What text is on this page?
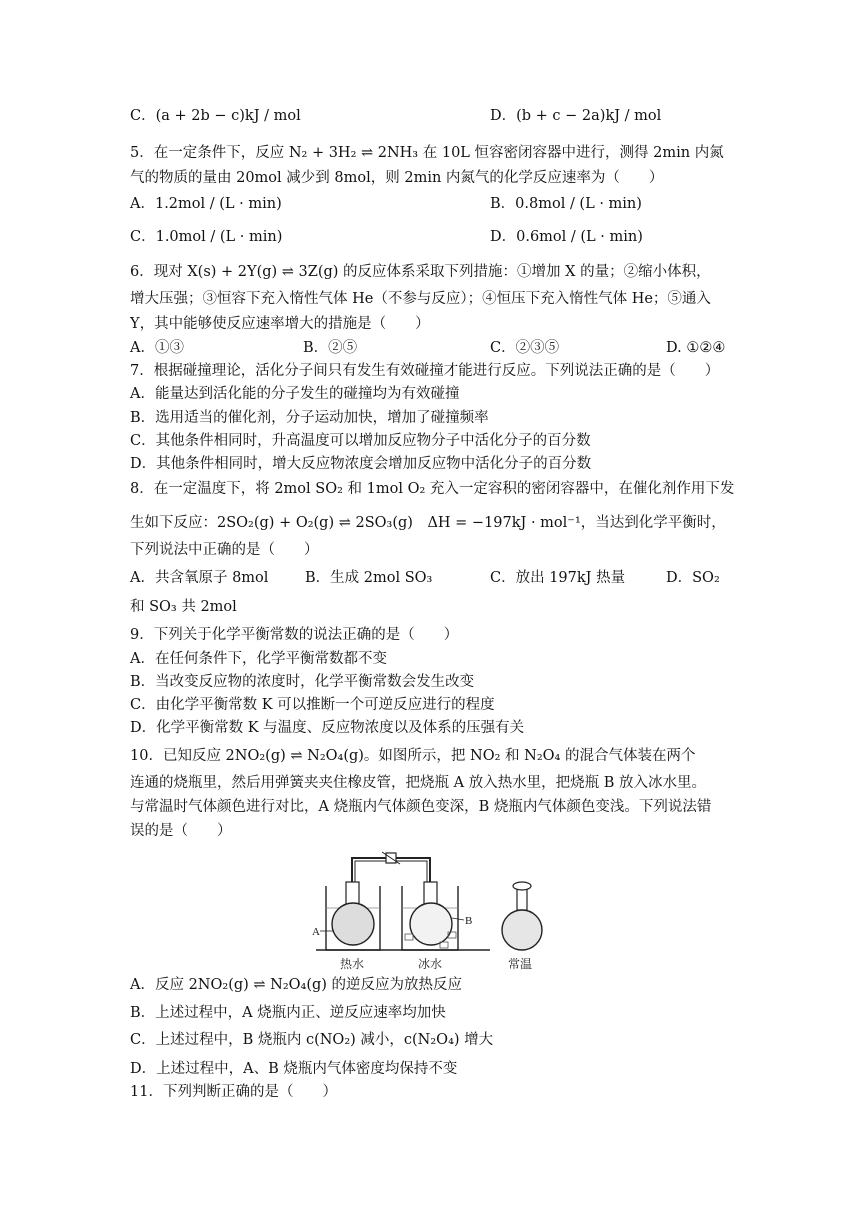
C．(a + 2b − c)kJ / mol	D．(b + c − 2a)kJ / mol
5．在一定条件下，反应 N₂ + 3H₂ ⇌ 2NH₃ 在 10L 恒容密闭容器中进行，测得 2min 内氮
气的物质的量由 20mol 减少到 8mol，则 2min 内氮气的化学反应速率为（　　）
A．1.2mol / (L · min)	B．0.8mol / (L · min)
C．1.0mol / (L · min)	D．0.6mol / (L · min)
6．现对 X(s) + 2Y(g) ⇌ 3Z(g) 的反应体系采取下列措施：①增加 X 的量；②缩小体积，
增大压强；③恒容下充入惰性气体 He（不参与反应）；④恒压下充入惰性气体 He；⑤通入
Y，其中能够使反应速率增大的措施是（　　）
A．①③	B．②⑤	C．②③⑤	D. ①②④
7．根据碰撞理论，活化分子间只有发生有效碰撞才能进行反应。下列说法正确的是（　　）
A．能量达到活化能的分子发生的碰撞均为有效碰撞
B．选用适当的催化剂，分子运动加快，增加了碰撞频率
C．其他条件相同时，升高温度可以增加反应物分子中活化分子的百分数
D．其他条件相同时，增大反应物浓度会增加反应物中活化分子的百分数
8．在一定温度下，将 2mol SO₂ 和 1mol O₂ 充入一定容积的密闭容器中，在催化剂作用下发
生如下反应：2SO₂(g) + O₂(g) ⇌ 2SO₃(g)　ΔH = −197kJ · mol⁻¹，当达到化学平衡时，
下列说法中正确的是（　　）
A．共含氧原子 8mol	B．生成 2mol SO₃	C．放出 197kJ 热量	D．SO₂
和 SO₃ 共 2mol
9．下列关于化学平衡常数的说法正确的是（　　）
A．在任何条件下，化学平衡常数都不变
B．当改变反应物的浓度时，化学平衡常数会发生改变
C．由化学平衡常数 K 可以推断一个可逆反应进行的程度
D．化学平衡常数 K 与温度、反应物浓度以及体系的压强有关
10．已知反应 2NO₂(g) ⇌ N₂O₄(g)。如图所示，把 NO₂ 和 N₂O₄ 的混合气体装在两个
连通的烧瓶里，然后用弹簧夹夹住橡皮管，把烧瓶 A 放入热水里，把烧瓶 B 放入冰水里。
与常温时气体颜色进行对比，A 烧瓶内气体颜色变深，B 烧瓶内气体颜色变浅。下列说法错
误的是（　　）
A
B
热水	冰水	常温
A．反应 2NO₂(g) ⇌ N₂O₄(g) 的逆反应为放热反应
B．上述过程中，A 烧瓶内正、逆反应速率均加快
C．上述过程中，B 烧瓶内 c(NO₂) 减小，c(N₂O₄) 增大
D．上述过程中，A、B 烧瓶内气体密度均保持不变
11．下列判断正确的是（　　）
